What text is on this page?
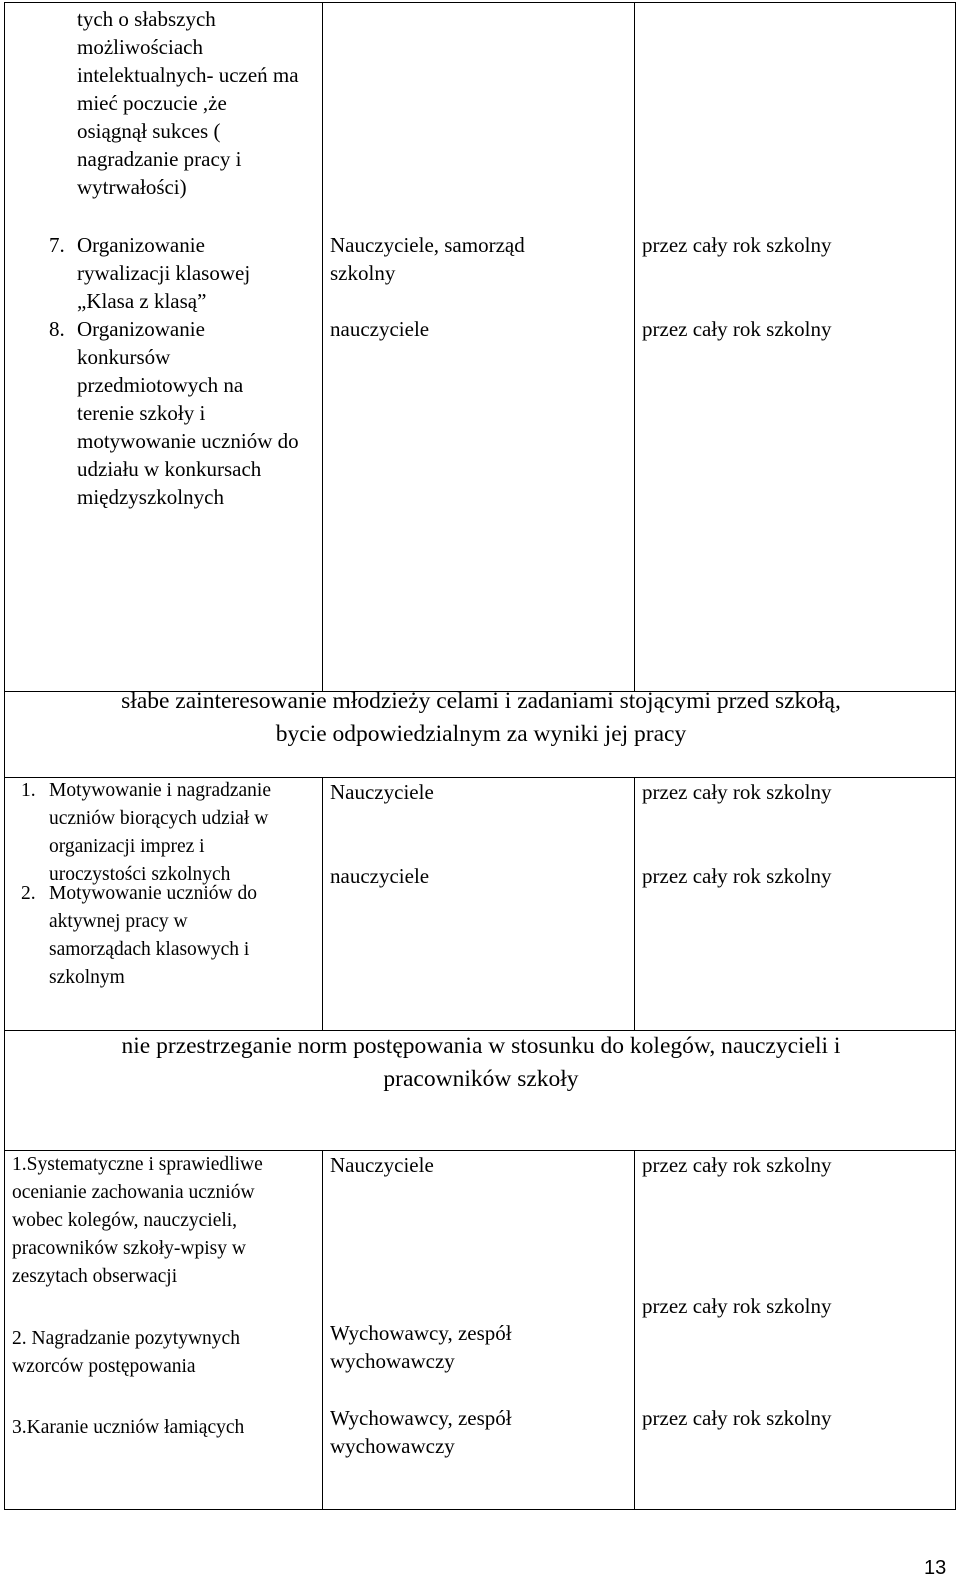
tych o słabszych
możliwościach
intelektualnych- uczeń ma
mieć poczucie ,że
osiągnął sukces (
nagradzanie pracy i
wytrwałości)
7. Organizowanie
rywalizacji klasowej
„Klasa z klasą”
8. Organizowanie
konkursów
przedmiotowych na
terenie szkoły i
motywowanie uczniów do
udziału w konkursach
międzyszkolnych
Nauczyciele, samorząd
szkolny
nauczyciele
przez cały rok szkolny
przez cały rok szkolny
słabe zainteresowanie młodzieży celami i zadaniami stojącymi przed szkołą,
bycie odpowiedzialnym za wyniki jej pracy
1. Motywowanie i nagradzanie
uczniów biorących udział w
organizacji imprez i
uroczystości szkolnych
2. Motywowanie uczniów do
aktywnej pracy w
samorządach klasowych i
szkolnym
Nauczyciele
nauczyciele
przez cały rok szkolny
przez cały rok szkolny
nie przestrzeganie norm postępowania w stosunku do kolegów, nauczycieli i
pracowników szkoły
1.Systematyczne i sprawiedliwe
ocenianie zachowania uczniów
wobec kolegów, nauczycieli,
pracowników szkoły-wpisy w
zeszytach obserwacji
2. Nagradzanie pozytywnych
wzorców postępowania
3.Karanie uczniów łamiących
Nauczyciele
Wychowawcy, zespół
wychowawczy
Wychowawcy, zespół
wychowawczy
przez cały rok szkolny
przez cały rok szkolny
przez cały rok szkolny
13
